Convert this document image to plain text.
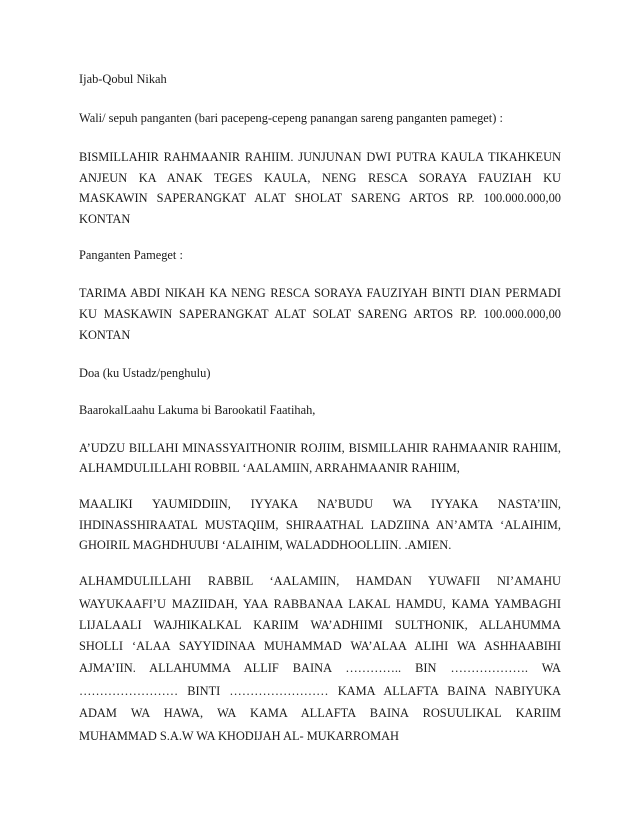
Ijab-Qobul Nikah
Wali/ sepuh panganten (bari pacepeng-cepeng panangan sareng panganten pameget) :
BISMILLAHIR RAHMAANIR RAHIIM. JUNJUNAN DWI PUTRA KAULA TIKAHKEUN
ANJEUN KA ANAK TEGES KAULA, NENG RESCA SORAYA FAUZIAH KU
MASKAWIN SAPERANGKAT ALAT SHOLAT SARENG ARTOS RP. 100.000.000,00
KONTAN
Panganten Pameget :
TARIMA ABDI NIKAH KA NENG RESCA SORAYA FAUZIYAH BINTI DIAN PERMADI
KU MASKAWIN SAPERANGKAT ALAT SOLAT SARENG ARTOS RP. 100.000.000,00
KONTAN
Doa (ku Ustadz/penghulu)
BaarokalLaahu Lakuma bi Barookatil Faatihah,
A’UDZU BILLAHI MINASSYAITHONIR ROJIIM, BISMILLAHIR RAHMAANIR RAHIIM,
ALHAMDULILLAHI ROBBIL ‘AALAMIIN, ARRAHMAANIR RAHIIM,
MAALIKI YAUMIDDIIN, IYYAKA NA’BUDU WA IYYAKA NASTA’IIN,
IHDINASSHIRAATAL MUSTAQIIM, SHIRAATHAL LADZIINA AN’AMTA ‘ALAIHIM,
GHOIRIL MAGHDHUUBI ‘ALAIHIM, WALADDHOOLLIIN. .AMIEN.
ALHAMDULILLAHI RABBIL ‘AALAMIIN, HAMDAN YUWAFII NI’AMAHU
WAYUKAAFI’U MAZIIDAH, YAA RABBANAA LAKAL HAMDU, KAMA YAMBAGHI
LIJALAALI WAJHIKALKAL KARIIM WA’ADHIIMI SULTHONIK, ALLAHUMMA
SHOLLI ‘ALAA SAYYIDINAA MUHAMMAD WA’ALAA ALIHI WA ASHHAABIHI
AJMA’IIN. ALLAHUMMA ALLIF BAINA ………….. BIN ………………. WA
…………………… BINTI …………………… KAMA ALLAFTA BAINA NABIYUKA
ADAM WA HAWA, WA KAMA ALLAFTA BAINA ROSUULIKAL KARIIM
MUHAMMAD S.A.W WA KHODIJAH AL- MUKARROMAH
